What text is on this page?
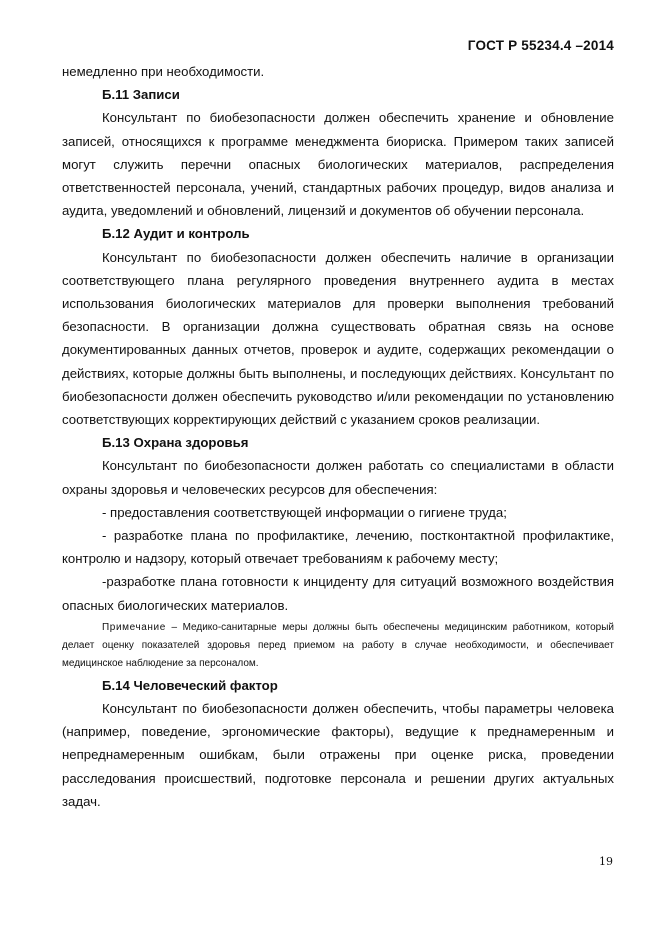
ГОСТ Р 55234.4 –2014

немедленно при необходимости.

Б.11 Записи

Консультант по биобезопасности должен обеспечить хранение и обновление записей, относящихся к программе менеджмента биориска. Примером таких записей могут служить перечни опасных биологических материалов, распределения ответственностей персонала, учений, стандартных рабочих процедур, видов анализа и аудита, уведомлений и обновлений, лицензий и документов об обучении персонала.

Б.12 Аудит и контроль

Консультант по биобезопасности должен обеспечить наличие в организации соответствующего плана регулярного проведения внутреннего аудита в местах использования биологических материалов для проверки выполнения требований безопасности. В организации должна существовать обратная связь на основе документированных данных отчетов, проверок и аудите, содержащих рекомендации о действиях, которые должны быть выполнены, и последующих действиях. Консультант по биобезопасности должен обеспечить руководство и/или рекомендации по установлению соответствующих корректирующих действий с указанием сроков реализации.

Б.13 Охрана здоровья

Консультант по биобезопасности должен работать со специалистами в области охраны здоровья и человеческих ресурсов для обеспечения:

- предоставления соответствующей информации о гигиене труда;

- разработке плана по профилактике, лечению, постконтактной профилактике, контролю и надзору, который отвечает требованиям к рабочему месту;

-разработке плана готовности к инциденту для ситуаций возможного воздействия опасных биологических материалов.

Примечание – Медико-санитарные меры должны быть обеспечены медицинским работником, который делает оценку показателей здоровья перед приемом на работу в случае необходимости, и обеспечивает медицинское наблюдение за персоналом.

Б.14 Человеческий фактор

Консультант по биобезопасности должен обеспечить, чтобы параметры человека (например, поведение, эргономические факторы), ведущие к преднамеренным и непреднамеренным ошибкам, были отражены при оценке риска, проведении расследования происшествий, подготовке персонала и решении других актуальных задач.

19
